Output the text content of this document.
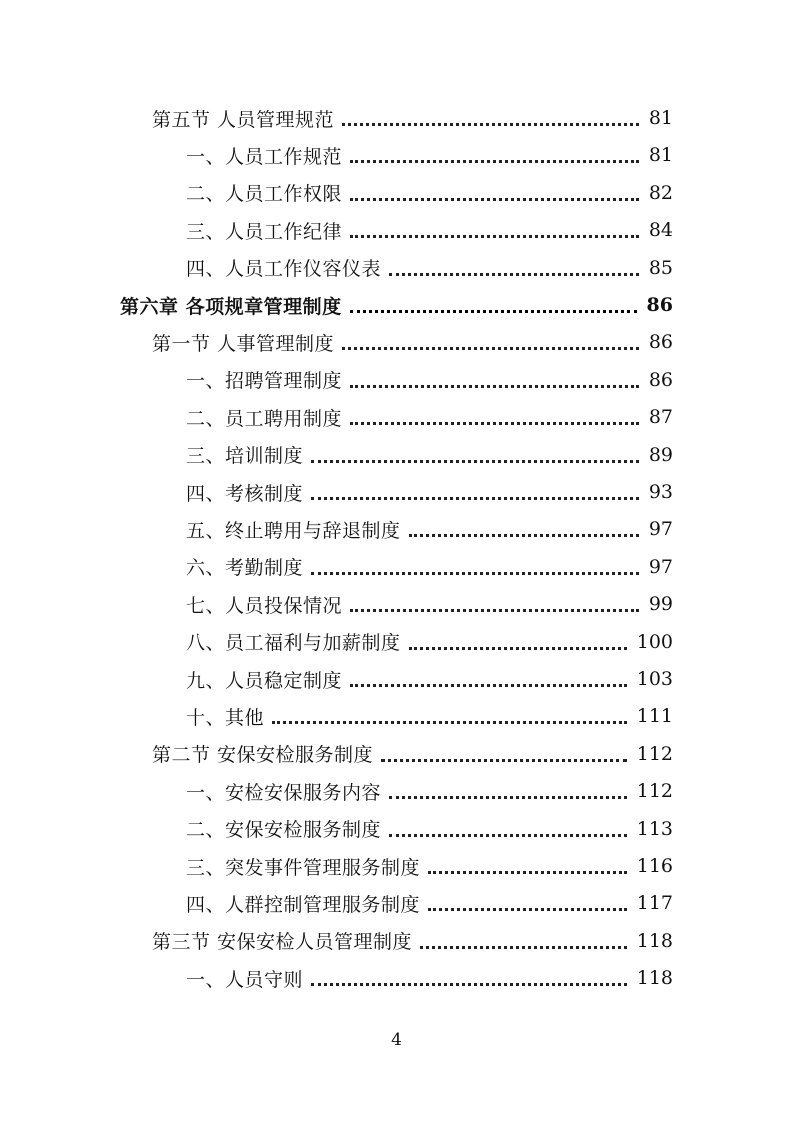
第五节 人员管理规范	81
一、人员工作规范	81
二、人员工作权限	82
三、人员工作纪律	84
四、人员工作仪容仪表	85
第六章 各项规章管理制度	86
第一节 人事管理制度	86
一、招聘管理制度	86
二、员工聘用制度	87
三、培训制度	89
四、考核制度	93
五、终止聘用与辞退制度	97
六、考勤制度	97
七、人员投保情况	99
八、员工福利与加薪制度	100
九、人员稳定制度	103
十、其他	111
第二节 安保安检服务制度	112
一、安检安保服务内容	112
二、安保安检服务制度	113
三、突发事件管理服务制度	116
四、人群控制管理服务制度	117
第三节 安保安检人员管理制度	118
一、人员守则	118
4
